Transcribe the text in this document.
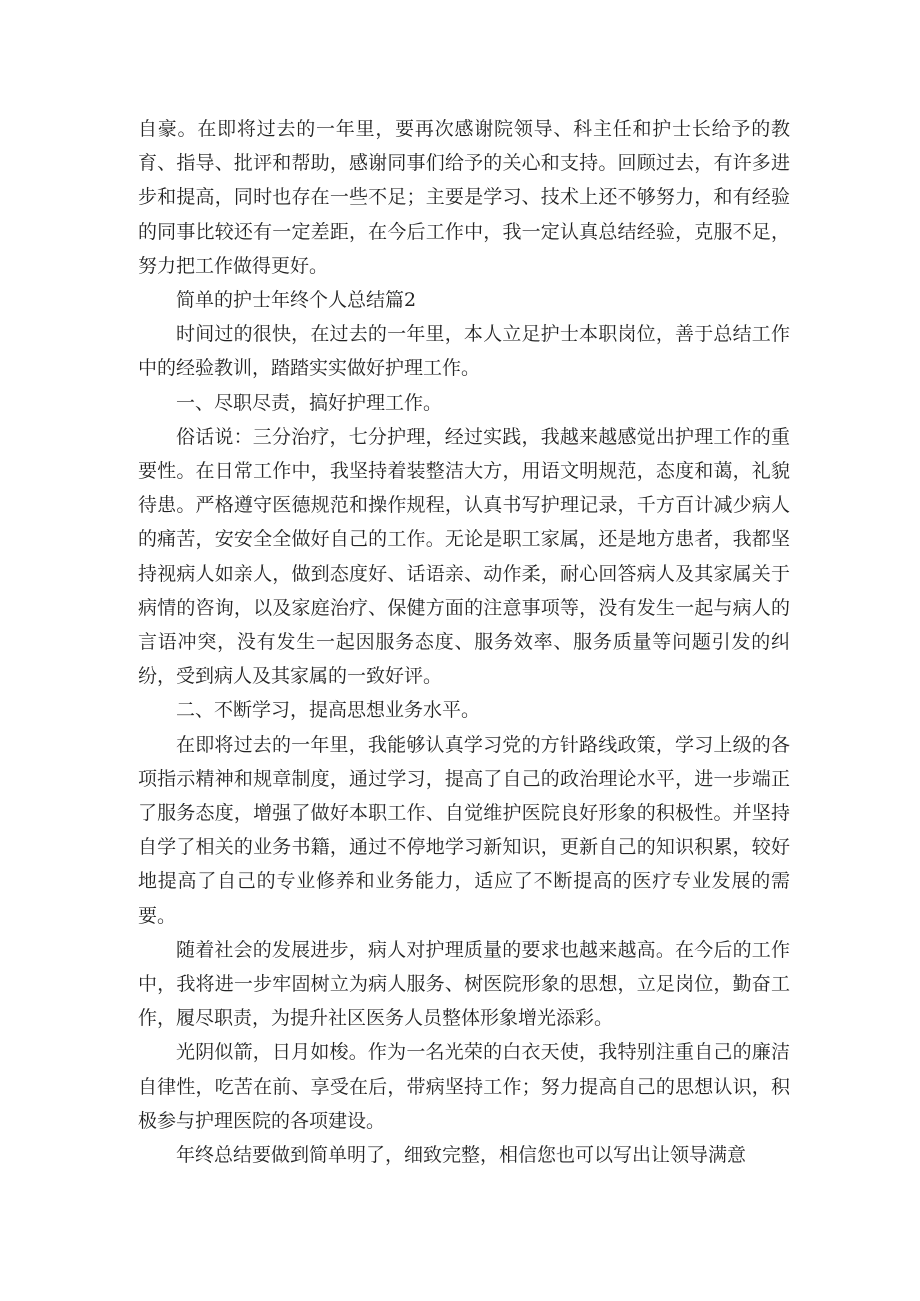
自豪。在即将过去的一年里，要再次感谢院领导、科主任和护士长给予的教育、指导、批评和帮助，感谢同事们给予的关心和支持。回顾过去，有许多进步和提高，同时也存在一些不足；主要是学习、技术上还不够努力，和有经验的同事比较还有一定差距，在今后工作中，我一定认真总结经验，克服不足，努力把工作做得更好。

简单的护士年终个人总结篇2

时间过的很快，在过去的一年里，本人立足护士本职岗位，善于总结工作中的经验教训，踏踏实实做好护理工作。

一、尽职尽责，搞好护理工作。

俗话说：三分治疗，七分护理，经过实践，我越来越感觉出护理工作的重要性。在日常工作中，我坚持着装整洁大方，用语文明规范，态度和蔼，礼貌待患。严格遵守医德规范和操作规程，认真书写护理记录，千方百计减少病人的痛苦，安安全全做好自己的工作。无论是职工家属，还是地方患者，我都坚持视病人如亲人，做到态度好、话语亲、动作柔，耐心回答病人及其家属关于病情的咨询，以及家庭治疗、保健方面的注意事项等，没有发生一起与病人的言语冲突，没有发生一起因服务态度、服务效率、服务质量等问题引发的纠纷，受到病人及其家属的一致好评。

二、不断学习，提高思想业务水平。

在即将过去的一年里，我能够认真学习党的方针路线政策，学习上级的各项指示精神和规章制度，通过学习，提高了自己的政治理论水平，进一步端正了服务态度，增强了做好本职工作、自觉维护医院良好形象的积极性。并坚持自学了相关的业务书籍，通过不停地学习新知识，更新自己的知识积累，较好地提高了自己的专业修养和业务能力，适应了不断提高的医疗专业发展的需要。

随着社会的发展进步，病人对护理质量的要求也越来越高。在今后的工作中，我将进一步牢固树立为病人服务、树医院形象的思想，立足岗位，勤奋工作，履尽职责，为提升社区医务人员整体形象增光添彩。

光阴似箭，日月如梭。作为一名光荣的白衣天使，我特别注重自己的廉洁自律性，吃苦在前、享受在后，带病坚持工作；努力提高自己的思想认识，积极参与护理医院的各项建设。

年终总结要做到简单明了，细致完整，相信您也可以写出让领导满意
